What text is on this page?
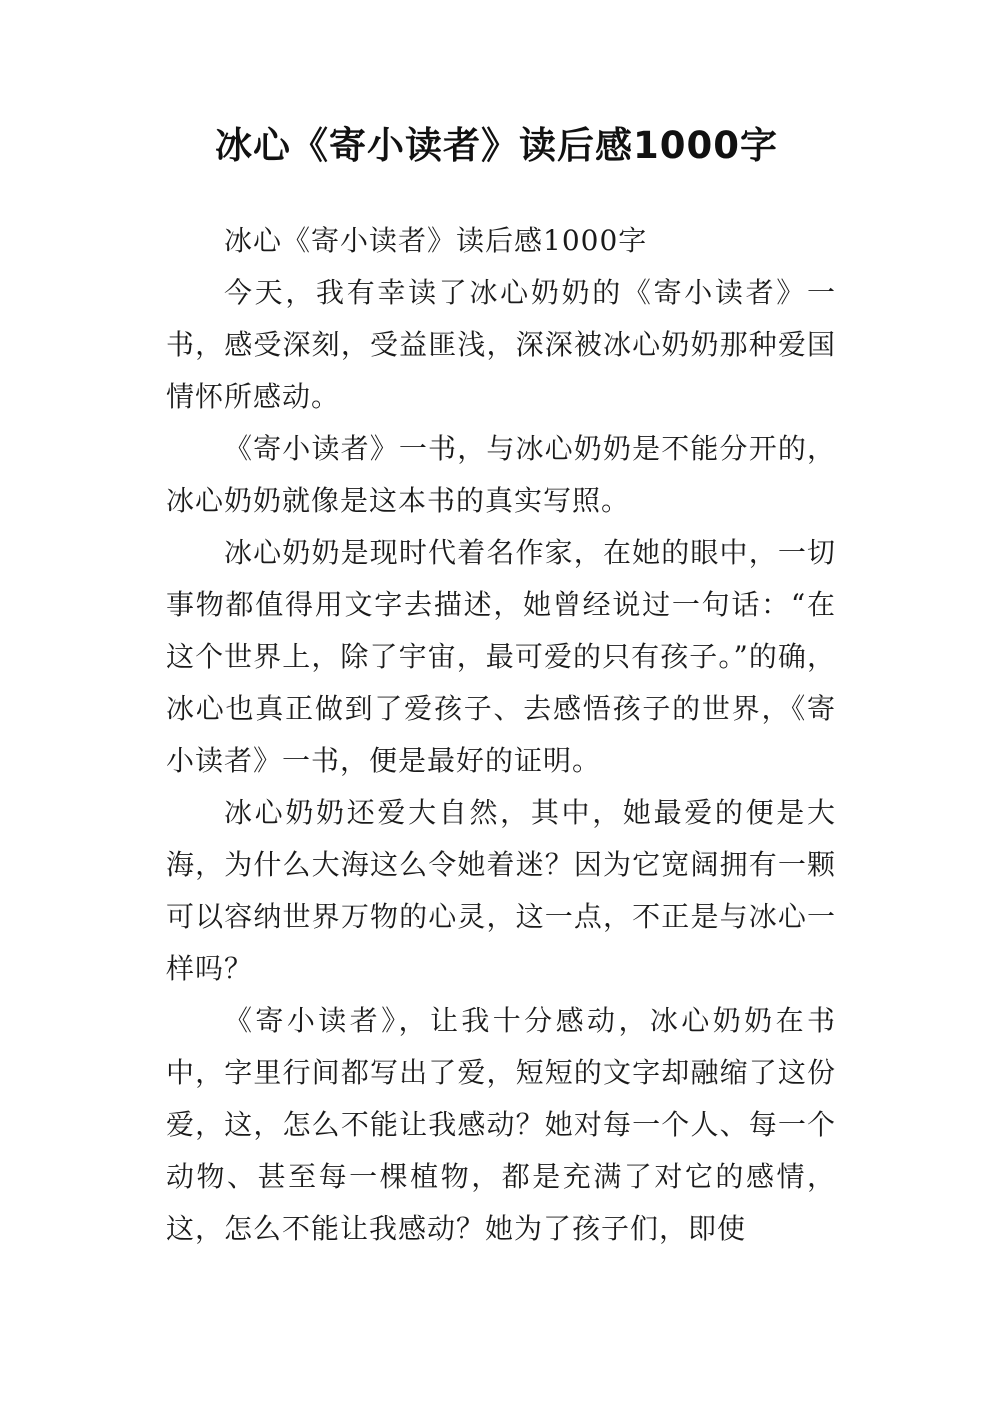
冰心《寄小读者》读后感1000字

冰心《寄小读者》读后感1000字

今天，我有幸读了冰心奶奶的《寄小读者》一书，感受深刻，受益匪浅，深深被冰心奶奶那种爱国情怀所感动。

《寄小读者》一书，与冰心奶奶是不能分开的，冰心奶奶就像是这本书的真实写照。

冰心奶奶是现时代着名作家，在她的眼中，一切事物都值得用文字去描述，她曾经说过一句话：“在这个世界上，除了宇宙，最可爱的只有孩子。”的确，冰心也真正做到了爱孩子、去感悟孩子的世界，《寄小读者》一书，便是最好的证明。

冰心奶奶还爱大自然，其中，她最爱的便是大海，为什么大海这么令她着迷？因为它宽阔拥有一颗可以容纳世界万物的心灵，这一点，不正是与冰心一样吗？

《寄小读者》，让我十分感动，冰心奶奶在书中，字里行间都写出了爱，短短的文字却融缩了这份爱，这，怎么不能让我感动？她对每一个人、每一个动物、甚至每一棵植物，都是充满了对它的感情，这，怎么不能让我感动？她为了孩子们，即使
